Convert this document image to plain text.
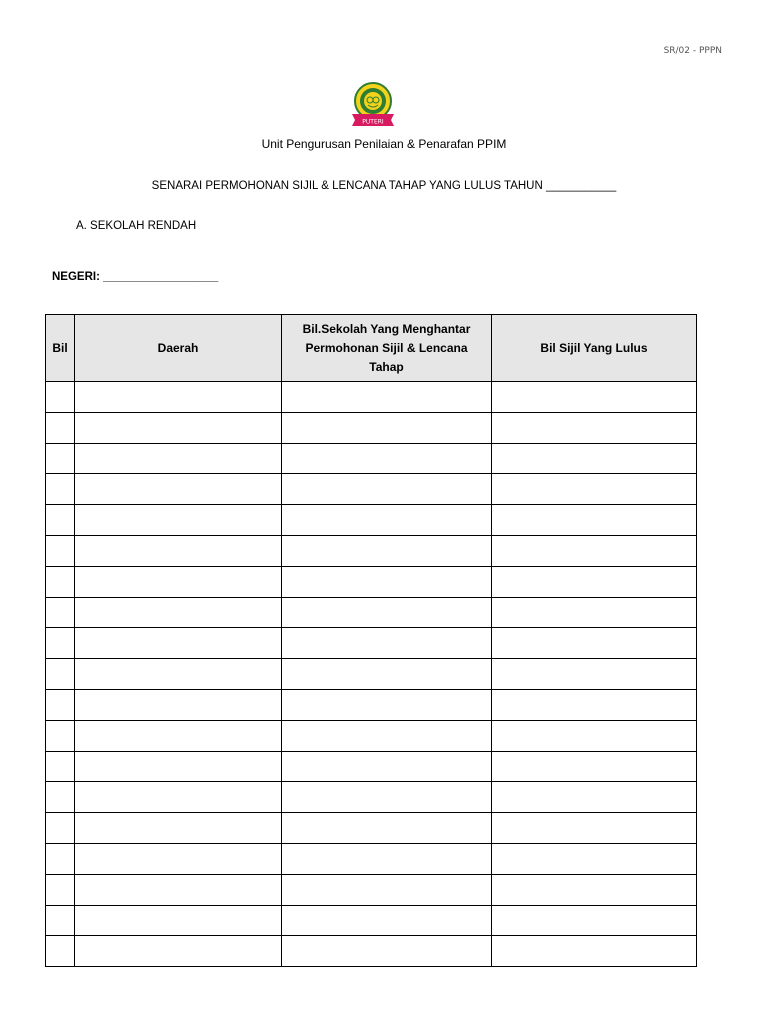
SR/02 - PPPN
PUTERI
Unit Pengurusan Penilaian & Penarafan PPIM
SENARAI PERMOHONAN SIJIL & LENCANA TAHAP YANG LULUS TAHUN ___________
A. SEKOLAH RENDAH
NEGERI: __________________
Bil	Daerah	Bil.Sekolah Yang Menghantar Permohonan Sijil & Lencana Tahap	Bil Sijil Yang Lulus
